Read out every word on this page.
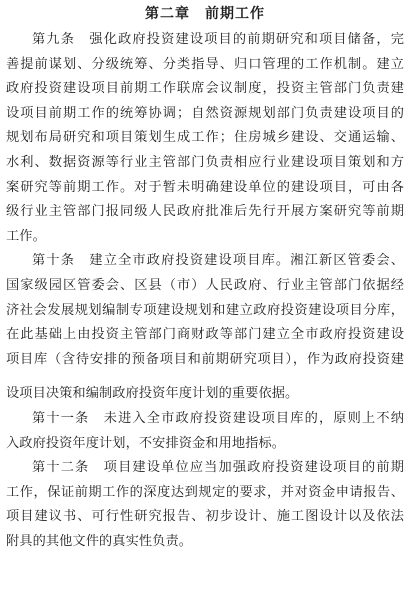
第二章　前期工作
第九条　强化政府投资建设项目的前期研究和项目储备，完
善提前谋划、分级统筹、分类指导、归口管理的工作机制。建立
政府投资建设项目前期工作联席会议制度，投资主管部门负责建
设项目前期工作的统筹协调；自然资源规划部门负责建设项目的
规划布局研究和项目策划生成工作；住房城乡建设、交通运输、
水利、数据资源等行业主管部门负责相应行业建设项目策划和方
案研究等前期工作。对于暂未明确建设单位的建设项目，可由各
级行业主管部门报同级人民政府批准后先行开展方案研究等前期
工作。
第十条　建立全市政府投资建设项目库。湘江新区管委会、
国家级园区管委会、区县（市）人民政府、行业主管部门依据经
济社会发展规划编制专项建设规划和建立政府投资建设项目分库，
在此基础上由投资主管部门商财政等部门建立全市政府投资建设
项目库（含待安排的预备项目和前期研究项目），作为政府投资建
设项目决策和编制政府投资年度计划的重要依据。
第十一条　未进入全市政府投资建设项目库的，原则上不纳
入政府投资年度计划，不安排资金和用地指标。
第十二条　项目建设单位应当加强政府投资建设项目的前期
工作，保证前期工作的深度达到规定的要求，并对资金申请报告、
项目建议书、可行性研究报告、初步设计、施工图设计以及依法
附具的其他文件的真实性负责。
